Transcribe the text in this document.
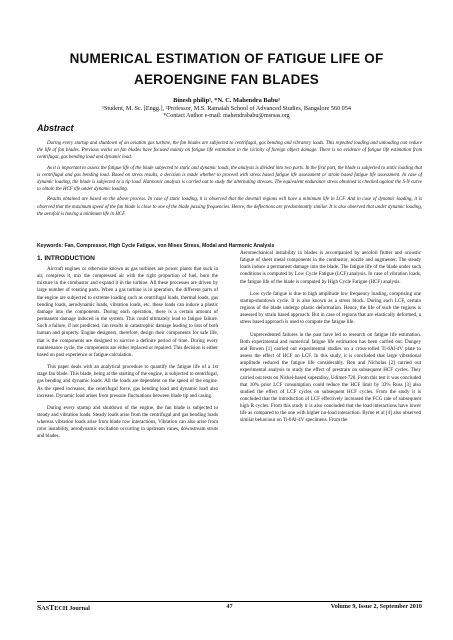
NUMERICAL ESTIMATION OF FATIGUE LIFE OF
AEROENGINE FAN BLADES

Binesh philip¹, *N. C. Mahendra Babu²

¹Student, M. Sc. [Engg.], ²Professor, M.S. Ramaiah School of Advanced Studies, Bangalore 560 054

*Contact Author e-mail: mahendrababu@msrsas.org

Abstract

During every startup and shutdown of an aviation gas turbine, the fan blades are subjected to centrifugal, gas bending and vibratory loads. This repeated loading and unloading can reduce the life of fan blades. Previous works on fan blades have focused mainly on fatigue life estimation in the vicinity of foreign object damage. There is no evidence of fatigue life estimation from centrifugal, gas bending load and dynamic load.

As it is important to assess the fatigue life of the blade subjected to static and dynamic loads, the analysis is divided into two parts. In the first part, the blade is subjected to static loading that is centrifugal and gas bending load. Based on stress results, a decision is made whether to proceed with stress based fatigue life assessment or strain based fatigue life assessment. In case of dynamic loading, the blade is subjected to a tip load. Harmonic analysis is carried out to study the alternating stresses. The equivalent endurance stress obtained is checked against the S-N curve to obtain the HCF life under dynamic loading.

Results obtained are based on the above process. In case of static loading, it is observed that the dovetail regions will have a minimum life in LCF. And in case of dynamic loading, it is observed that the maximum speed of the fan blade is close to one of the blade passing frequencies. Hence, the deflections are predominantly similar. It is also observed that under dynamic loading, the aerofoil is having a minimum life in HCF.

Keywords: Fan, Compressor, High Cycle Fatigue, von Mises Stress, Modal and Harmonic Analysis

1. INTRODUCTION

Aircraft engines or otherwise known as gas turbines are power plants that suck in air, compress it, mix the compressed air with the right proportion of fuel, burn the mixture in the combustor and expand it in the turbine. All these processes are driven by large number of rotating parts. When a gas turbine is in operation, the different parts of the engine are subjected to extreme loading such as centrifugal loads, thermal loads, gas bending loads, aerodynamic loads, vibration loads, etc. these loads can induce a plastic damage into the components. During each operation, there is a certain amount of permanent damage induced in the system. This could ultimately lead to fatigue failure. Such a failure, if not predicted, can results in catastrophic damage leading to loss of both human and property. Engine designers, therefore, design their components for safe life, that is the components are designed to survive a definite period of time. During every maintenance cycle, the components are either replaced or repaired. This decision is either based on past experience or fatigue calculation.

This paper deals with an analytical procedure to quantify the fatigue life of a 1st stage fan blade. This blade, being at the starting of the engine, is subjected to centrifugal, gas bending and dynamic loads. All the loads are dependent on the speed of the engine. As the speed increases, the centrifugal force, gas bending load and dynamic load also increase. Dynamic load arises from pressure fluctuations between blade tip and casing.

During every startup and shutdown of the engine, the fan blade is subjected to steady and vibration loads. Steady loads arise from the centrifugal and gas bending loads whereas vibration loads arise from blade row interactions, Vibration can also arise from rotor instability, aerodynamic excitation occurring in upstream vanes, downstream struts and blades.

Aeromechanical instability in blades is accompanied by aerofoil flutter and acoustic fatigue of sheet metal components in the combustor, nozzle and augmenter. The steady loads induce a permanent damage into the blade. The fatigue life of the blade under such conditions is computed by Low Cycle Fatigue (LCF) analysis. In case of vibration loads, the fatigue life of the blade is computed by High Cycle Fatigue (HCF) analysis.

Low cycle fatigue is due to high amplitude low frequency loading, comprising one startup-shutdown cycle. It is also known as a stress block. During each LCF, certain regions of the blade undergo plastic deformation. Hence, the life of such the regions is assessed by strain based approach. But in case of regions that are elastically deformed, a stress based approach is used to compute the fatigue life.

Unprecedented failures in the past have led to research on fatigue life estimation. Both experimental and numerical fatigue life estimation has been carried out. Dungey and Bowen [1] carried out experimental studies on a cross-rolled Ti-6Al-4V plate to assess the effect of HCF on LCF. In this study, it is concluded that large vibrational amplitude reduced the fatigue life considerably. Ren and Nicholas [2] carried out experimental analysis to study the effect of prestrain on subsequent HCF cycles. They carried out tests on Nickel-based superalloy, Udimet-720. From this test it was concluded that 10% prior LCF consumption could reduce the HCF limit by 33% Russ [3] also studied the effect of LCF cycles on subsequent HCF cycles. From the study it is concluded that the introduction of LCF effectively increased the FCG rate of subsequent high R cycles. From this study it is also concluded that the load interactions have lower life as compared to the one with higher no-load interaction. Byrne et al [4] also observed similar behaviour on Ti-6Al-4V specimens. From the

SASTECH Journal	47	Volume 9, Issue 2, September 2010
